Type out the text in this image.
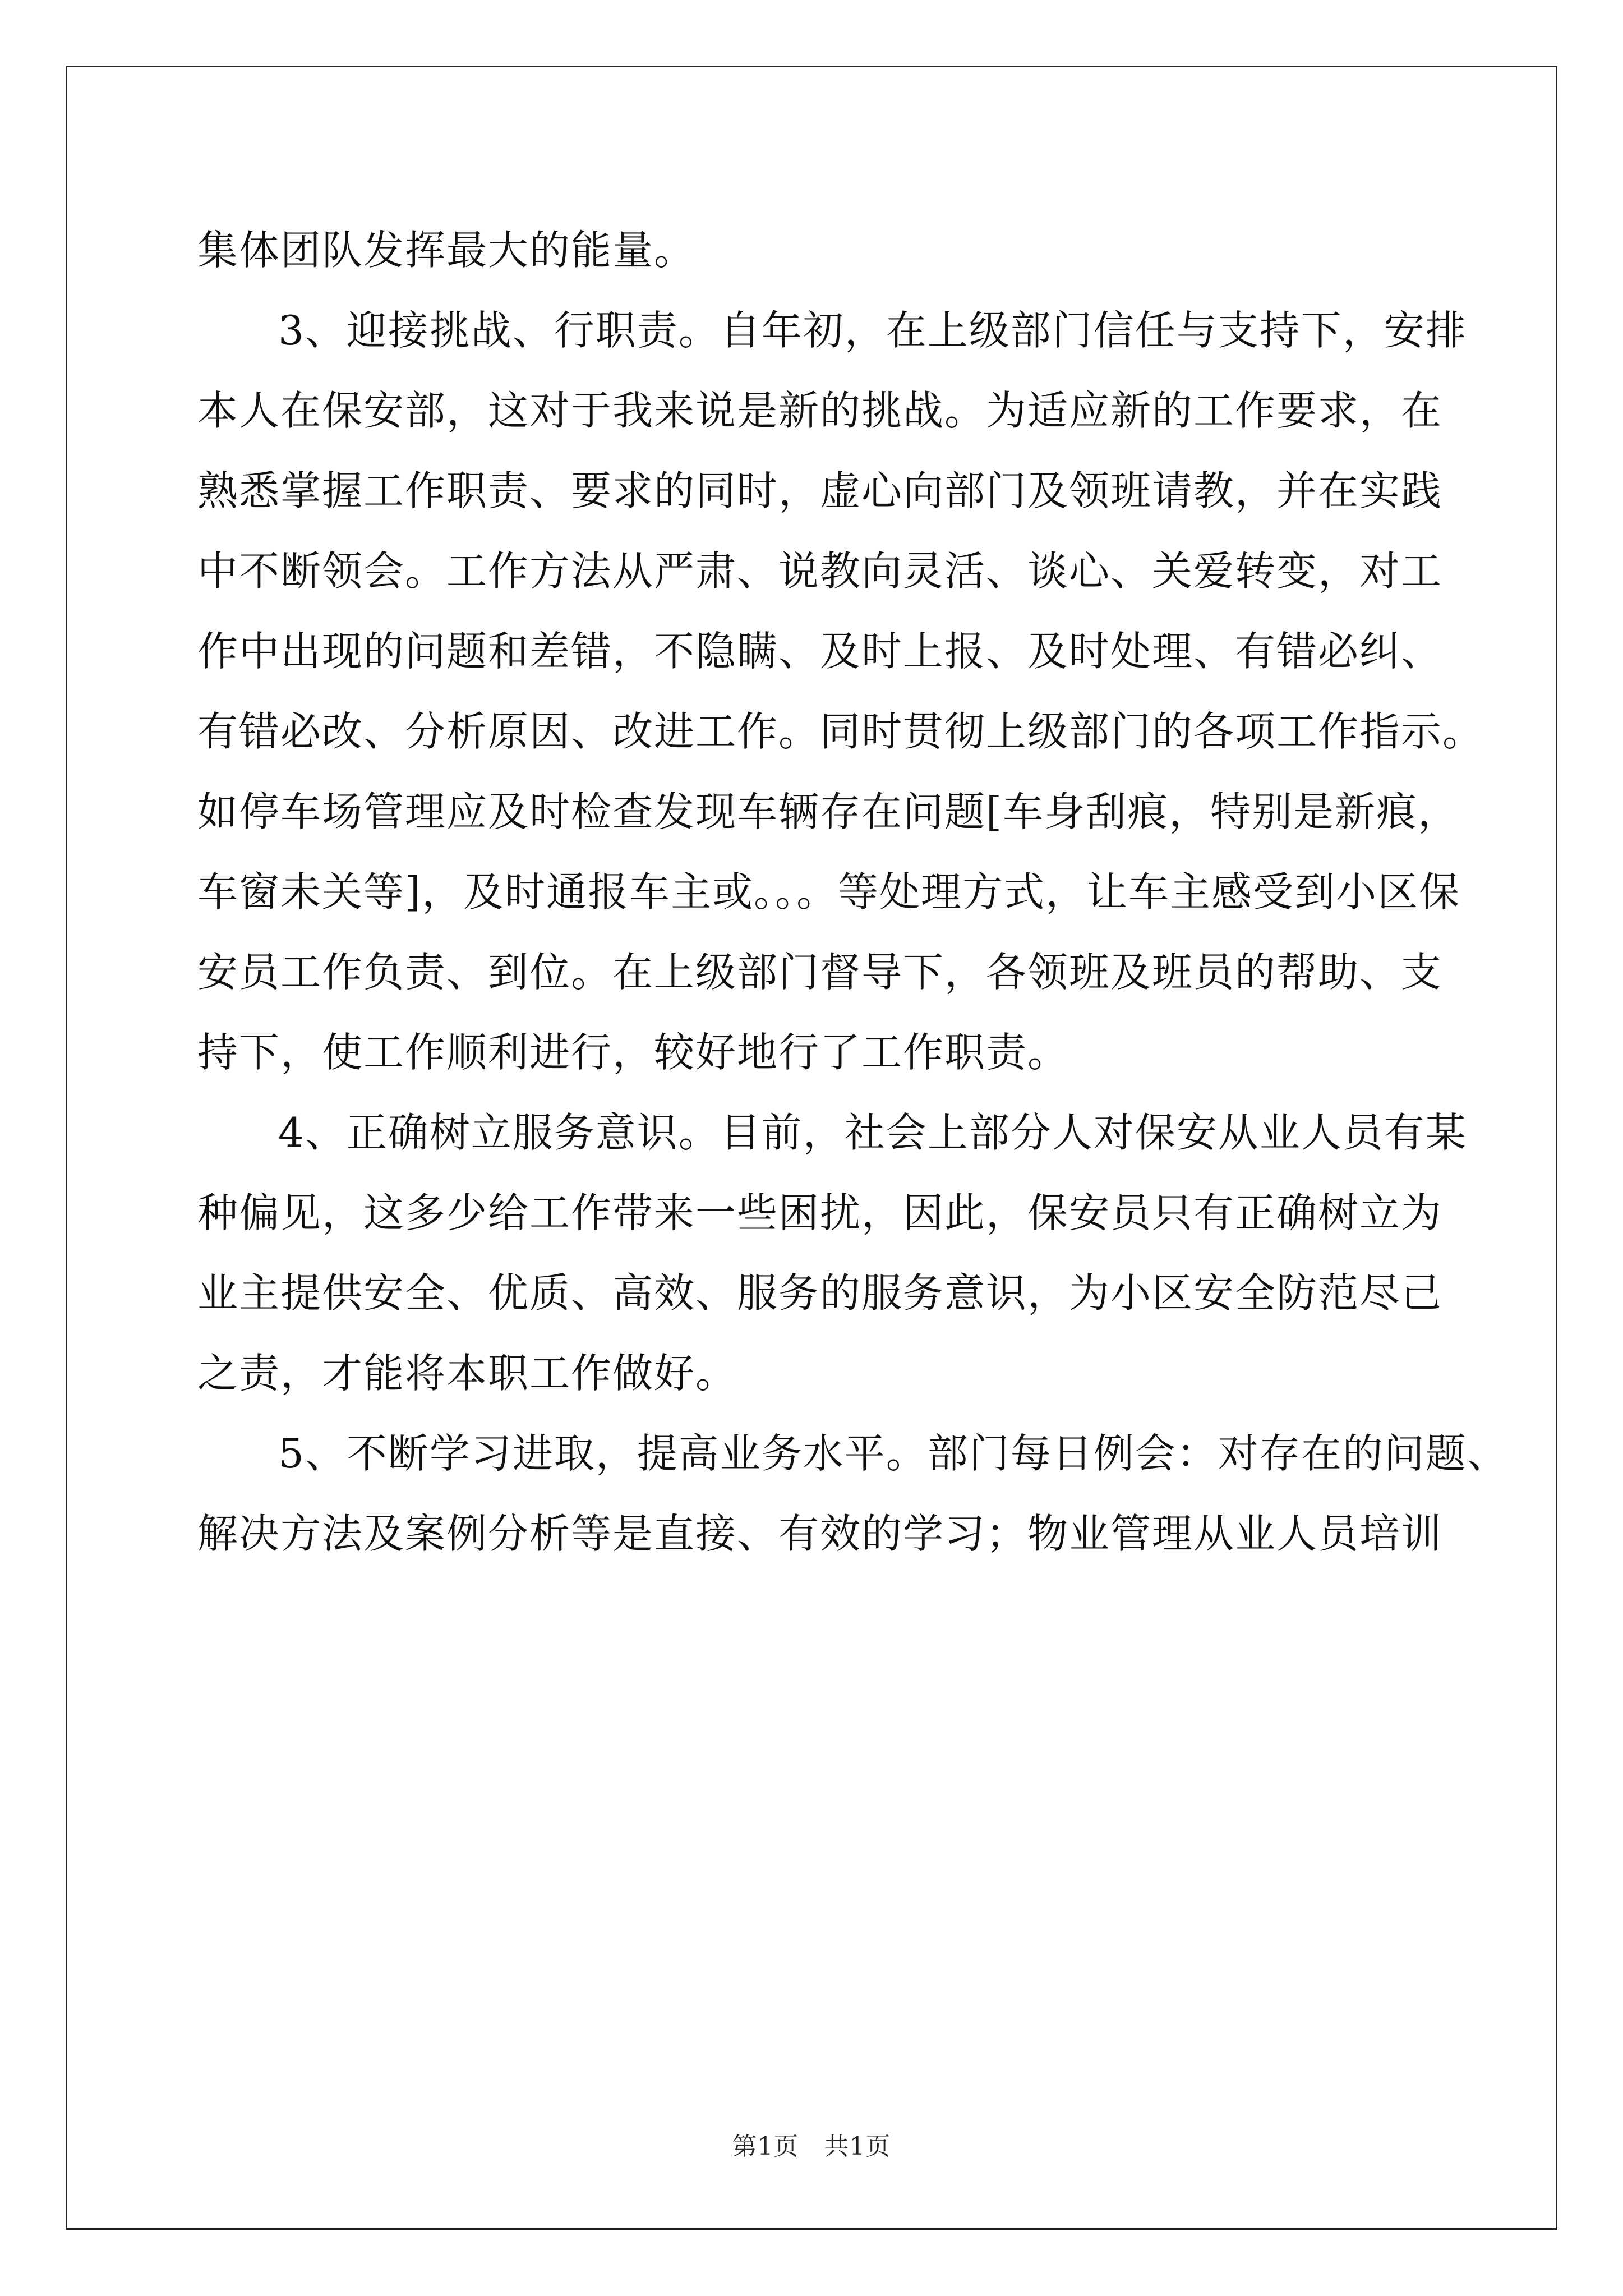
集体团队发挥最大的能量。
3、迎接挑战、行职责。自年初，在上级部门信任与支持下，安排
本人在保安部，这对于我来说是新的挑战。为适应新的工作要求，在
熟悉掌握工作职责、要求的同时，虚心向部门及领班请教，并在实践
中不断领会。工作方法从严肃、说教向灵活、谈心、关爱转变，对工
作中出现的问题和差错，不隐瞒、及时上报、及时处理、有错必纠、
有错必改、分析原因、改进工作。同时贯彻上级部门的各项工作指示。
如停车场管理应及时检查发现车辆存在问题[车身刮痕，特别是新痕，
车窗未关等]，及时通报车主或。。。等处理方式，让车主感受到小区保
安员工作负责、到位。在上级部门督导下，各领班及班员的帮助、支
持下，使工作顺利进行，较好地行了工作职责。
4、正确树立服务意识。目前，社会上部分人对保安从业人员有某
种偏见，这多少给工作带来一些困扰，因此，保安员只有正确树立为
业主提供安全、优质、高效、服务的服务意识，为小区安全防范尽己
之责，才能将本职工作做好。
5、不断学习进取，提高业务水平。部门每日例会：对存在的问题、
解决方法及案例分析等是直接、有效的学习；物业管理从业人员培训
第1页　共1页
